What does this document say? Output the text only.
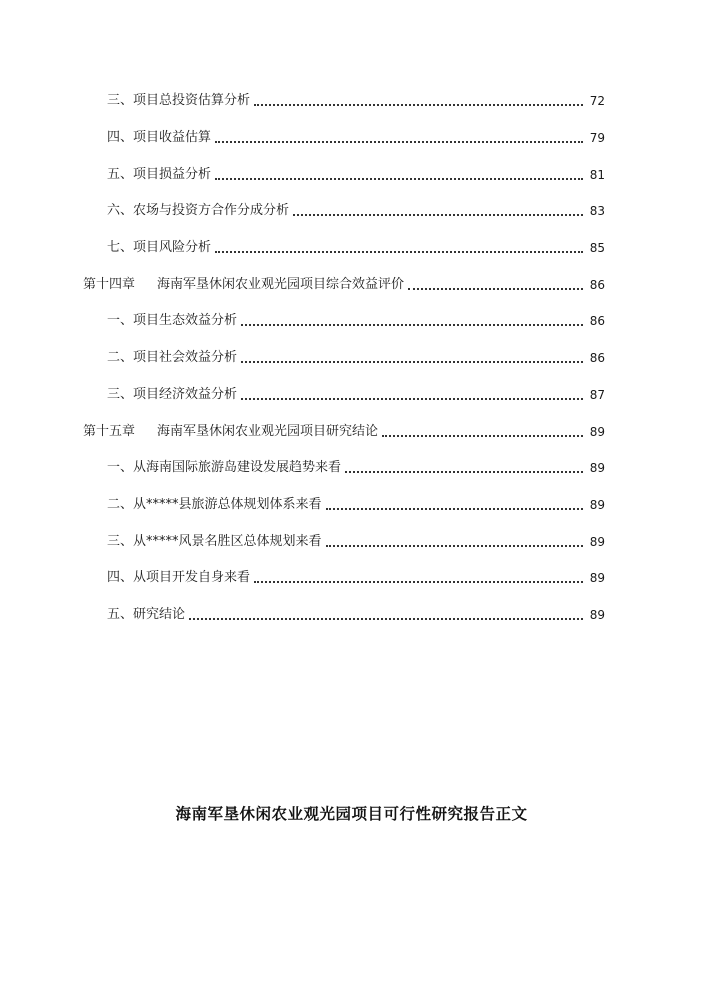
三、项目总投资估算分析	72
四、项目收益估算	79
五、项目损益分析	81
六、农场与投资方合作分成分析	83
七、项目风险分析	85
第十四章 海南军垦休闲农业观光园项目综合效益评价	86
一、项目生态效益分析	86
二、项目社会效益分析	86
三、项目经济效益分析	87
第十五章 海南军垦休闲农业观光园项目研究结论	89
一、从海南国际旅游岛建设发展趋势来看	89
二、从*****县旅游总体规划体系来看	89
三、从*****风景名胜区总体规划来看	89
四、从项目开发自身来看	89
五、研究结论	89
海南军垦休闲农业观光园项目可行性研究报告正文
